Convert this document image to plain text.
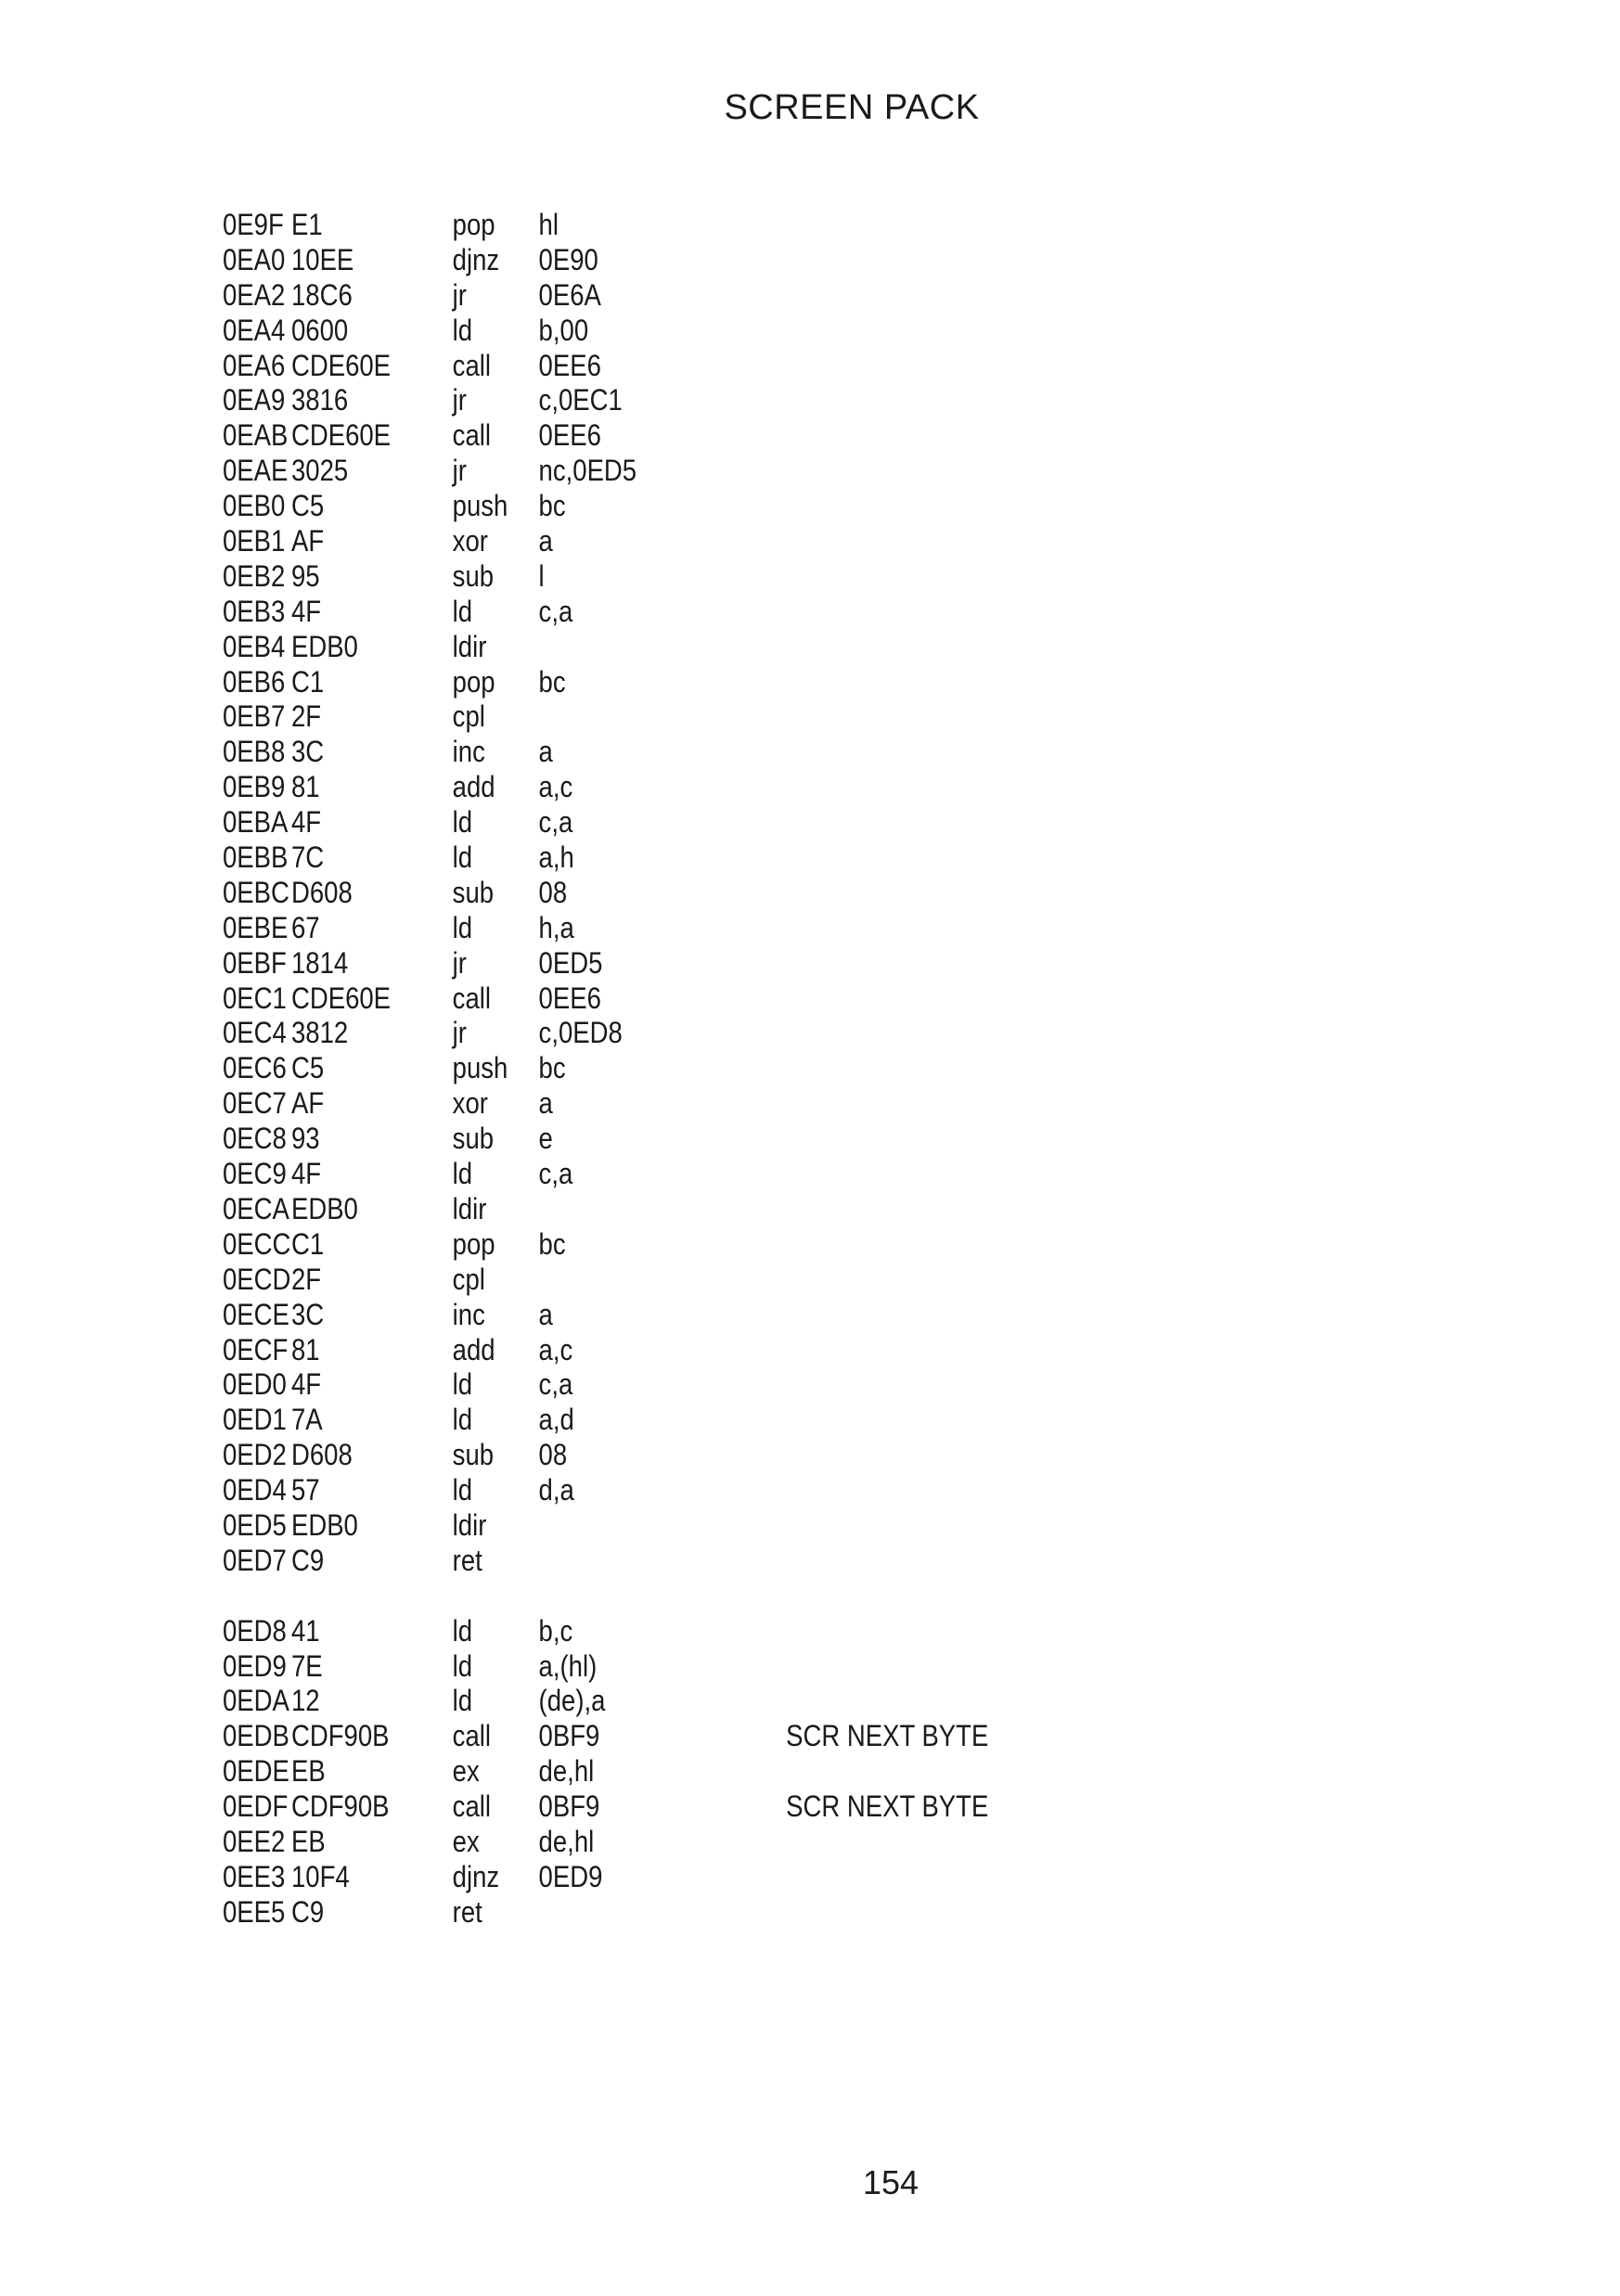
SCREEN PACK
0E9F E1	pop hl
0EA0 10EE	djnz 0E90
0EA2 18C6	jr 0E6A
0EA4 0600	ld b,00
0EA6 CDE60E call 0EE6
0EA9 3816	jr c,0EC1
0EAB CDE60E call 0EE6
0EAE 3025	jr nc,0ED5
0EB0 C5	push bc
0EB1 AF	xor a
0EB2 95	sub l
0EB3 4F	ld c,a
0EB4 EDB0	ldir
0EB6 C1	pop bc
0EB7 2F	cpl
0EB8 3C	inc a
0EB9 81	add a,c
0EBA 4F	ld c,a
0EBB 7C	ld a,h
0EBC D608	sub 08
0EBE 67	ld h,a
0EBF 1814	jr 0ED5
0EC1 CDE60E call 0EE6
0EC4 3812	jr c,0ED8
0EC6 C5	push bc
0EC7 AF	xor a
0EC8 93	sub e
0EC9 4F	ld c,a
0ECA EDB0	ldir
0ECC C1	pop bc
0ECD 2F	cpl
0ECE 3C	inc a
0ECF 81	add a,c
0ED0 4F	ld c,a
0ED1 7A	ld a,d
0ED2 D608	sub 08
0ED4 57	ld d,a
0ED5 EDB0	ldir
0ED7 C9	ret
0ED8 41	ld b,c
0ED9 7E	ld a,(hl)
0EDA 12	ld (de),a
0EDB CDF90B call 0BF9	SCR NEXT BYTE
0EDE EB	ex de,hl
0EDF CDF90B call 0BF9	SCR NEXT BYTE
0EE2 EB	ex de,hl
0EE3 10F4	djnz 0ED9
0EE5 C9	ret
154
